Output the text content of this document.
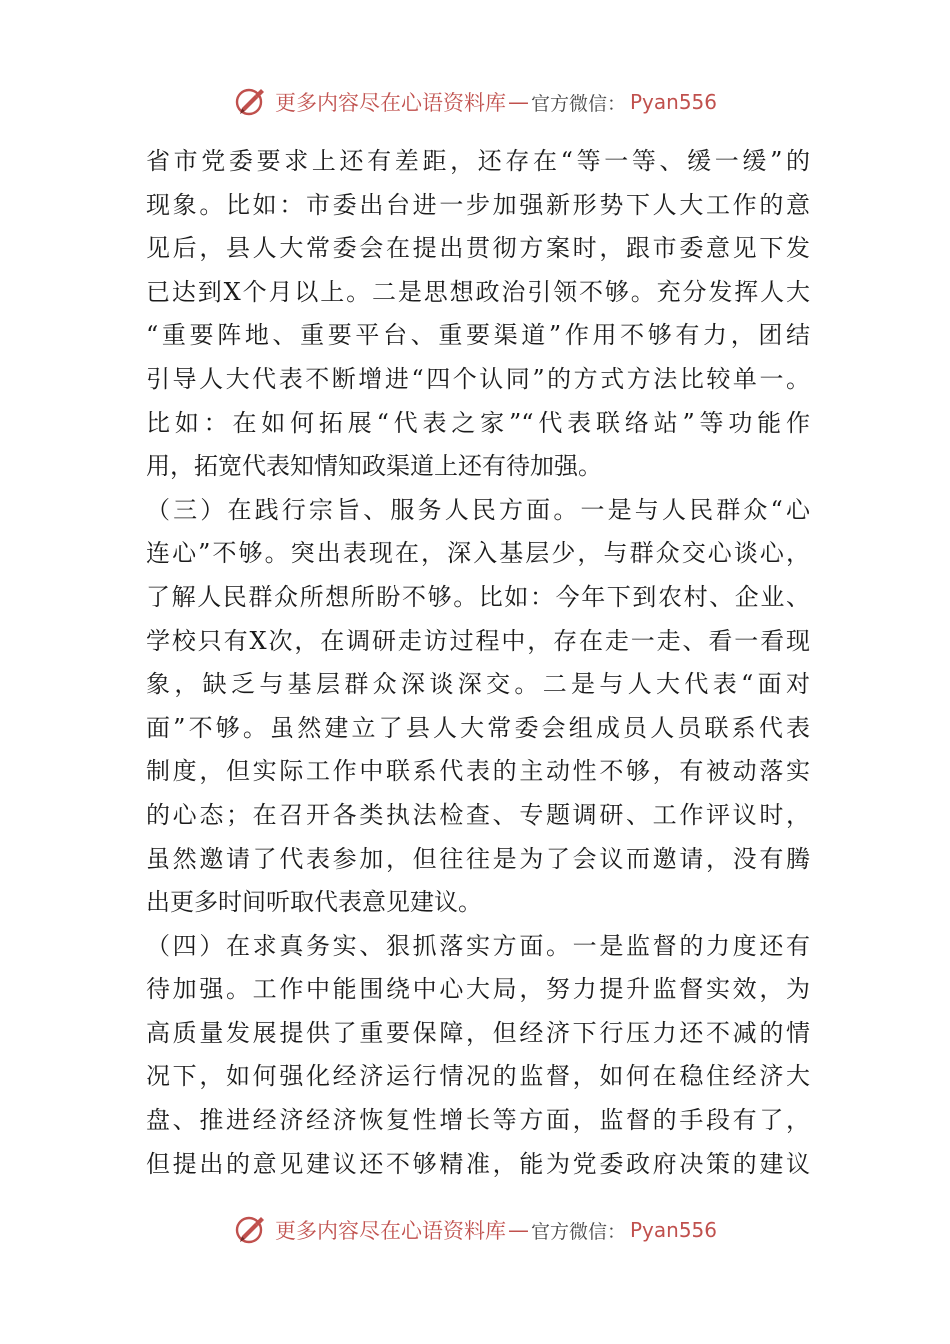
更多内容尽在心语资料库 — 官方微信： Pyan556
省市党委要求上还有差距，还存在“等一等、缓一缓”的
现象。比如：市委出台进一步加强新形势下人大工作的意
见后，县人大常委会在提出贯彻方案时，跟市委意见下发
已达到X个月以上。二是思想政治引领不够。充分发挥人大
“重要阵地、重要平台、重要渠道”作用不够有力，团结
引导人大代表不断增进“四个认同”的方式方法比较单一。
比如：在如何拓展“代表之家”“代表联络站”等功能作
用，拓宽代表知情知政渠道上还有待加强。
（三）在践行宗旨、服务人民方面。一是与人民群众“心
连心”不够。突出表现在，深入基层少，与群众交心谈心，
了解人民群众所想所盼不够。比如：今年下到农村、企业、
学校只有X次，在调研走访过程中，存在走一走、看一看现
象，缺乏与基层群众深谈深交。二是与人大代表“面对
面”不够。虽然建立了县人大常委会组成员人员联系代表
制度，但实际工作中联系代表的主动性不够，有被动落实
的心态；在召开各类执法检查、专题调研、工作评议时，
虽然邀请了代表参加，但往往是为了会议而邀请，没有腾
出更多时间听取代表意见建议。
（四）在求真务实、狠抓落实方面。一是监督的力度还有
待加强。工作中能围绕中心大局，努力提升监督实效，为
高质量发展提供了重要保障，但经济下行压力还不减的情
况下，如何强化经济运行情况的监督，如何在稳住经济大
盘、推进经济经济恢复性增长等方面，监督的手段有了，
但提出的意见建议还不够精准，能为党委政府决策的建议
更多内容尽在心语资料库 — 官方微信： Pyan556
